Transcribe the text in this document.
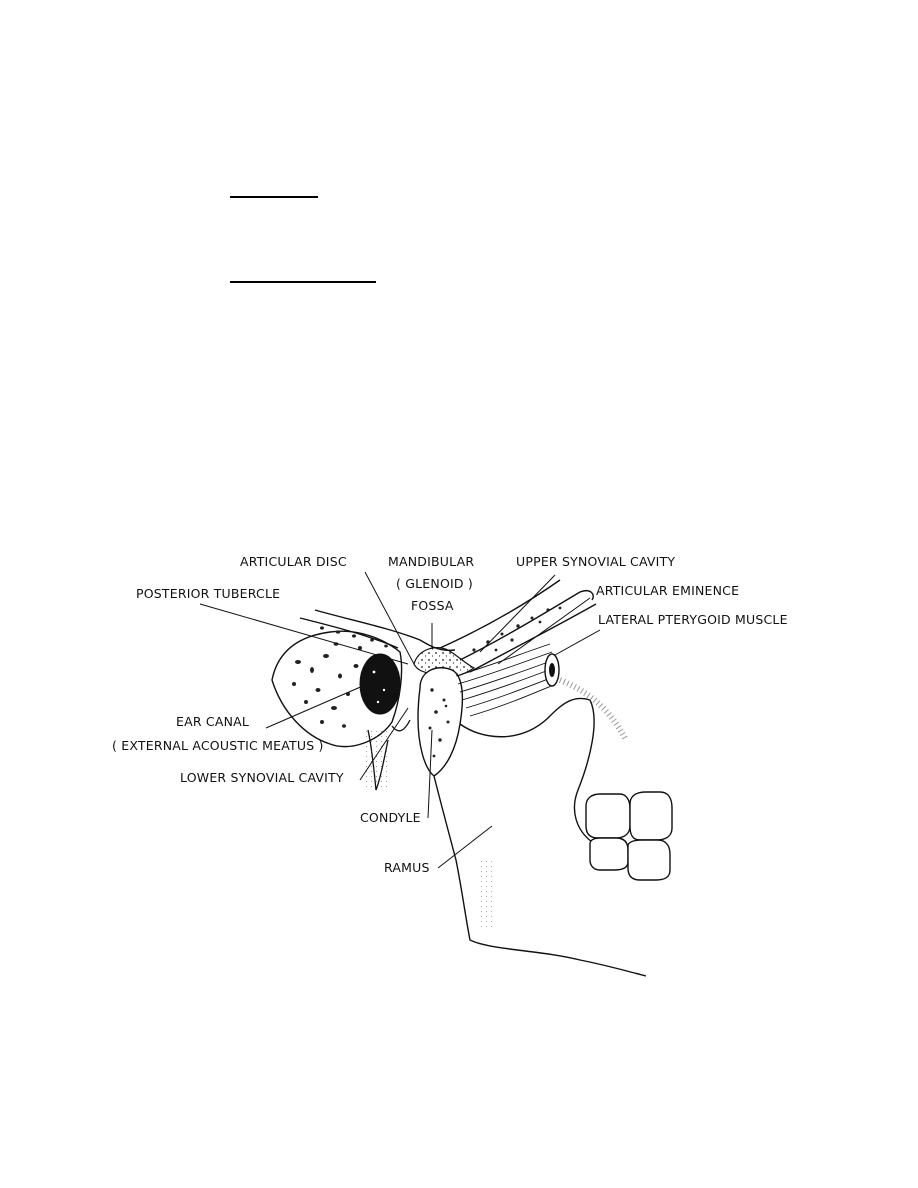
ARTICULAR DISC	MANDIBULAR
( GLENOID )
FOSSA
UPPER SYNOVIAL CAVITY
ARTICULAR EMINENCE
POSTERIOR TUBERCLE
LATERAL PTERYGOID MUSCLE
EAR CANAL
( EXTERNAL ACOUSTIC MEATUS )
LOWER SYNOVIAL CAVITY
CONDYLE
RAMUS
